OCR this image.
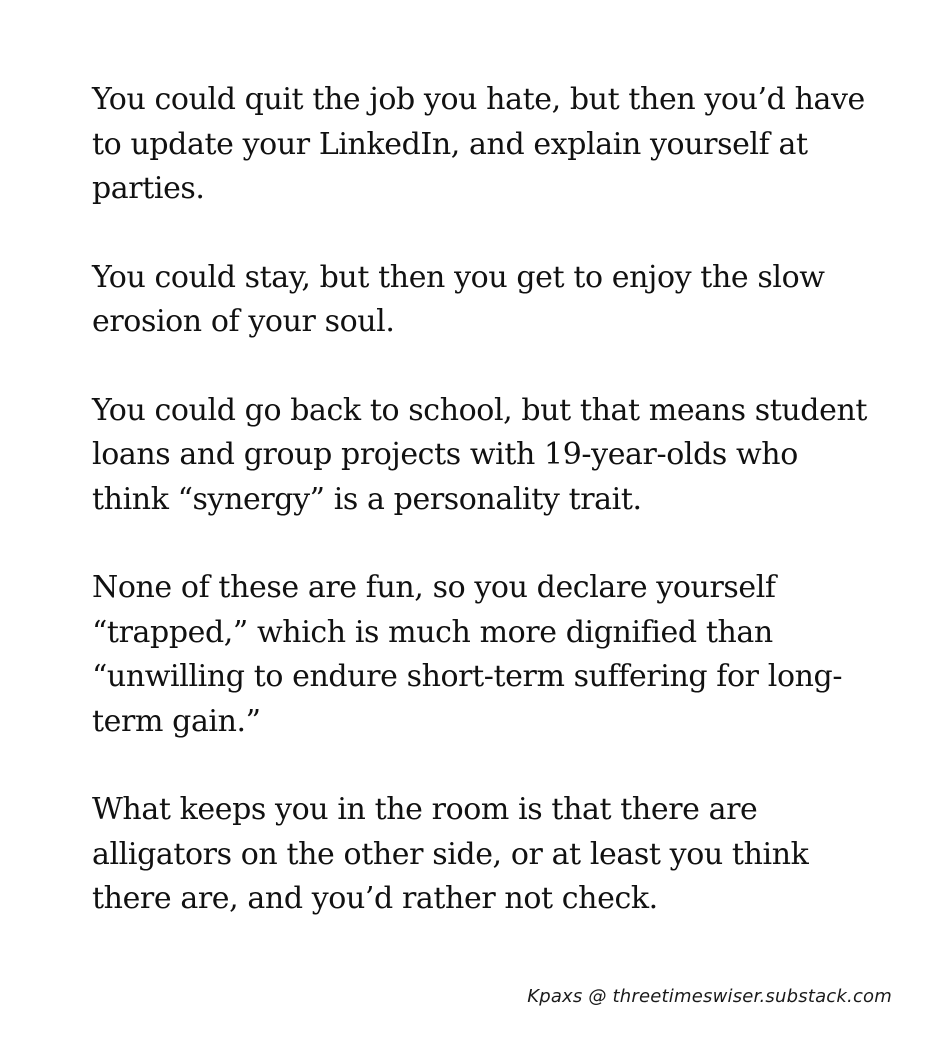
You could quit the job you hate, but then you’d have to update your LinkedIn, and explain yourself at parties.

You could stay, but then you get to enjoy the slow erosion of your soul.

You could go back to school, but that means student loans and group projects with 19-year-olds who think “synergy” is a personality trait.

None of these are fun, so you declare yourself “trapped,” which is much more dignified than “unwilling to endure short-term suffering for long-term gain.”

What keeps you in the room is that there are alligators on the other side, or at least you think there are, and you’d rather not check.

Kpaxs @ threetimeswiser.substack.com
